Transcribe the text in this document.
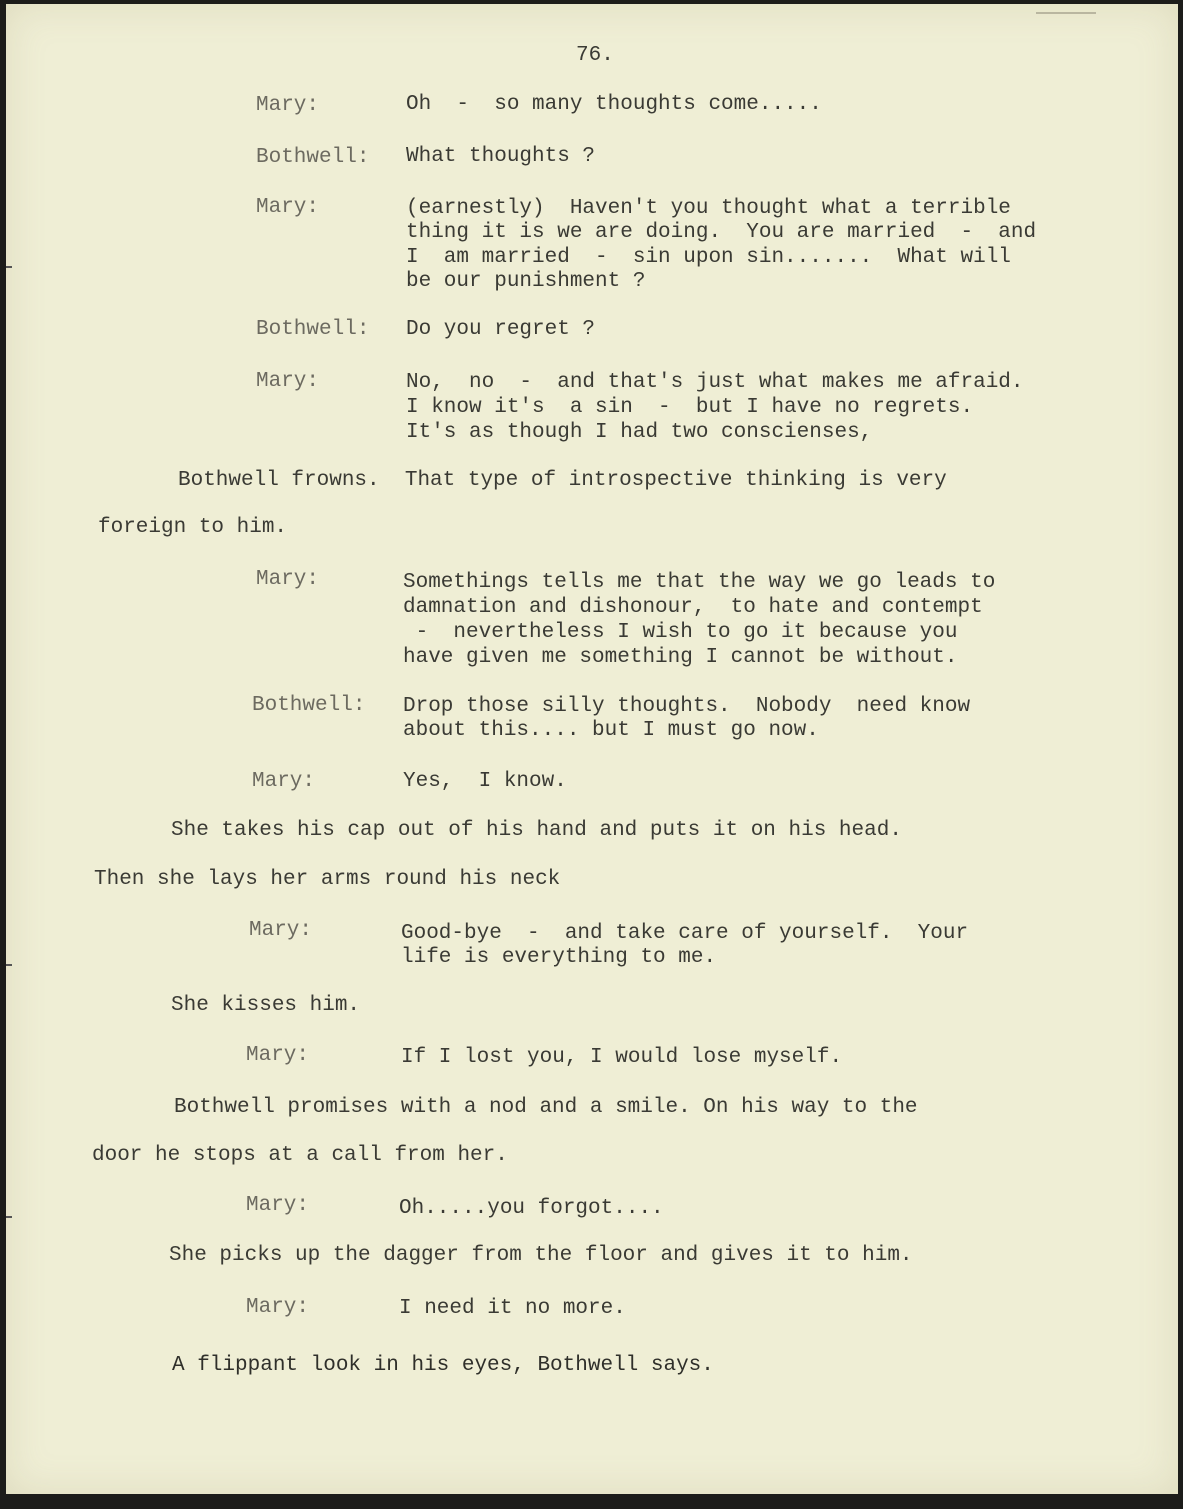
76.
Mary:	Oh  -  so many thoughts come.....
Bothwell: What thoughts ?
Mary:	(earnestly)  Haven't you thought what a terrible
thing it is we are doing.  You are married  -  and
I  am married  -  sin upon sin.......  What will
be our punishment ?
Bothwell: Do you regret ?
Mary:	No,  no  -  and that's just what makes me afraid.
I know it's  a sin  -  but I have no regrets.
It's as though I had two conscienses,
Bothwell frowns.  That type of introspective thinking is very
foreign to him.
Mary:	Somethings tells me that the way we go leads to
damnation and dishonour,  to hate and contempt
-  nevertheless I wish to go it because you
have given me something I cannot be without.
Bothwell: Drop those silly thoughts.  Nobody  need know
about this.... but I must go now.
Mary:	Yes,  I know.
She takes his cap out of his hand and puts it on his head.
Then she lays her arms round his neck
Mary:	Good-bye  -  and take care of yourself.  Your
life is everything to me.
She kisses him.
Mary:	If I lost you, I would lose myself.
Bothwell promises with a nod and a smile. On his way to the
door he stops at a call from her.
Mary:	Oh.....you forgot....
She picks up the dagger from the floor and gives it to him.
Mary:	I need it no more.
A flippant look in his eyes, Bothwell says.
